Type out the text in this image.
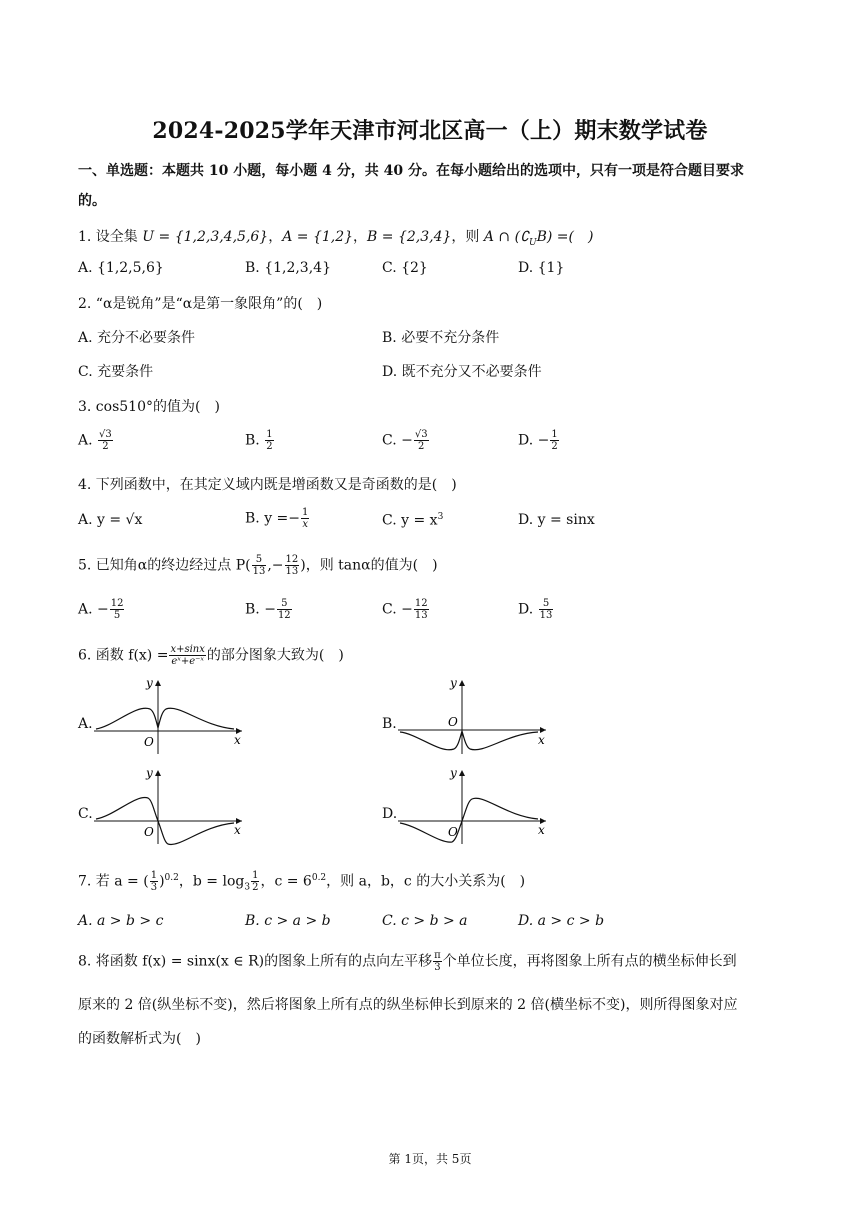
2024-2025学年天津市河北区高一（上）期末数学试卷
一、单选题：本题共 10 小题，每小题 4 分，共 40 分。在每小题给出的选项中，只有一项是符合题目要求
的。
1. 设全集 U = {1,2,3,4,5,6}，A = {1,2}，B = {2,3,4}，则 A ∩ $(∁_UB)$ =(　)
A. {1,2,5,6}	B. {1,2,3,4}	C. {2}	D. {1}
2. “α是锐角”是“α是第一象限角”的(　)
A. 充分不必要条件	B. 必要不充分条件
C. 充要条件	D. 既不充分又不必要条件
3. cos510°的值为(　)
A. $\frac{√3}{2}$	B. $\frac{1}{2}$	C. − $\frac{√3}{2}$	D. − $\frac{1}{2}$
4. 下列函数中，在其定义域内既是增函数又是奇函数的是(　)
A. y = √x	B. $y =- \frac{1}{x}$	C. $y = x^3$	D. y = sinx
5. 已知角α的终边经过点 $P( \frac{5}{13}$ ,− $\frac{12}{13}$ )，则 tanα的值为(　)
A. − $\frac{12}{5}$	B. − $\frac{5}{12}$	C. − $\frac{12}{13}$	D. $\frac{5}{13}$
6. 函数 $f(x) = \frac{x+\sin x}{\text{eˣ+e⁻ˣ}}$ 的部分图象大致为(　)
A.	B.
C.	D.
y
x
O
y
x
O
y
x
O
y
x
O
7. 若 a = ( $\frac{1}{3} )^{0.2}$，$b = \log_3 \frac{1}{2}$ ，$c = 6^{0.2}$，则 a，b，c 的大小关系为(　)
A. a > b > c	B. c > a > b	C. c > b > a	D. a > c > b
8. 将函数 f(x) = sinx(x ∈ R)的图象上所有的点向左平移 $\frac{\pi}{3}$ 个单位长度，再将图象上所有点的横坐标伸长到
原来的 2 倍(纵坐标不变)，然后将图象上所有点的纵坐标伸长到原来的 2 倍(横坐标不变)，则所得图象对应
的函数解析式为(　)
第 1页，共 5页
